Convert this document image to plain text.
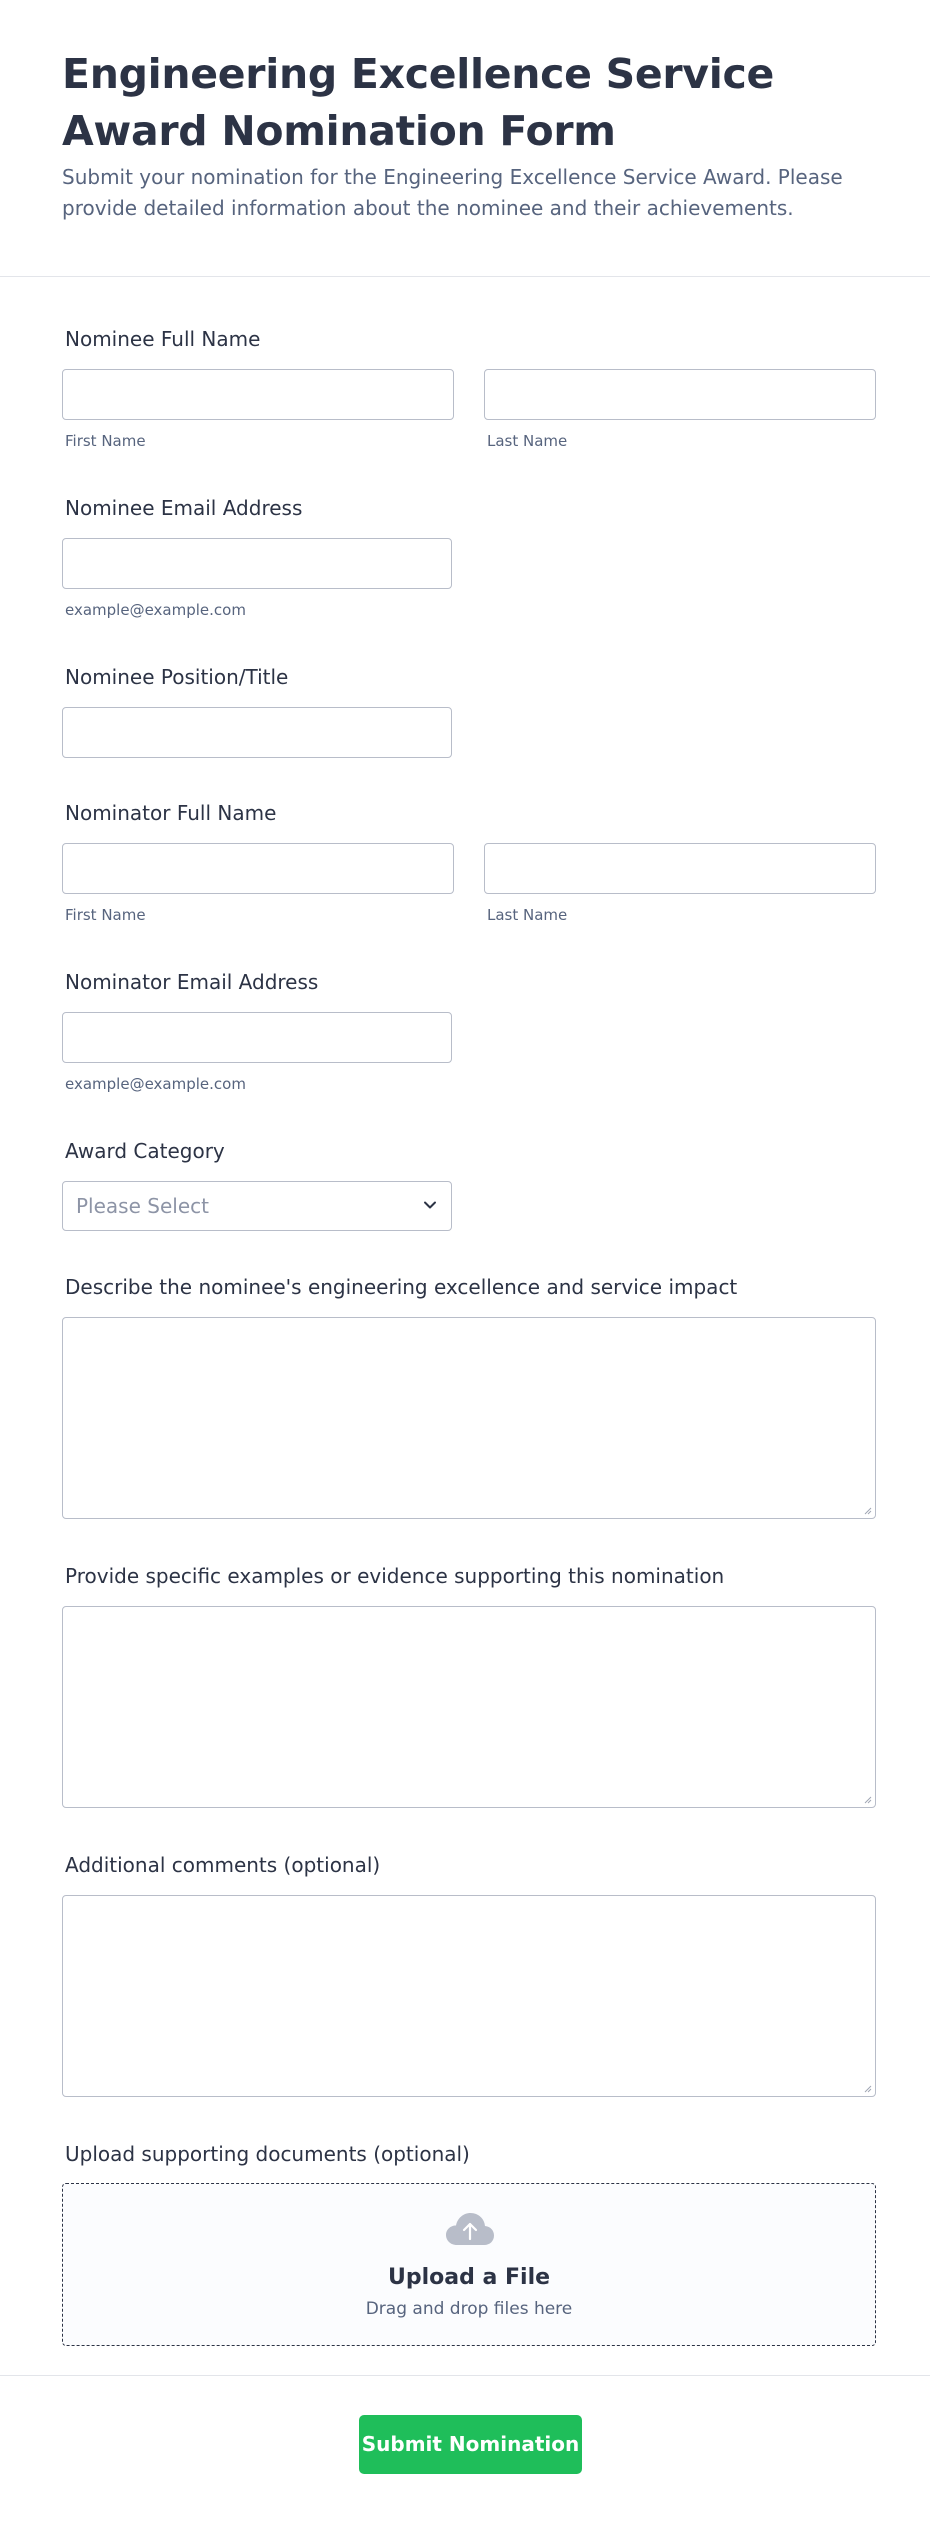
Engineering Excellence Service Award Nomination Form

Submit your nomination for the Engineering Excellence Service Award. Please provide detailed information about the nominee and their achievements.

Nominee Full Name
First Name	Last Name
Nominee Email Address
example@example.com
Nominee Position/Title
Nominator Full Name
First Name	Last Name
Nominator Email Address
example@example.com
Award Category
Please Select
Describe the nominee's engineering excellence and service impact
Provide specific examples or evidence supporting this nomination
Additional comments (optional)
Upload supporting documents (optional)
Upload a File
Drag and drop files here
Submit Nomination
